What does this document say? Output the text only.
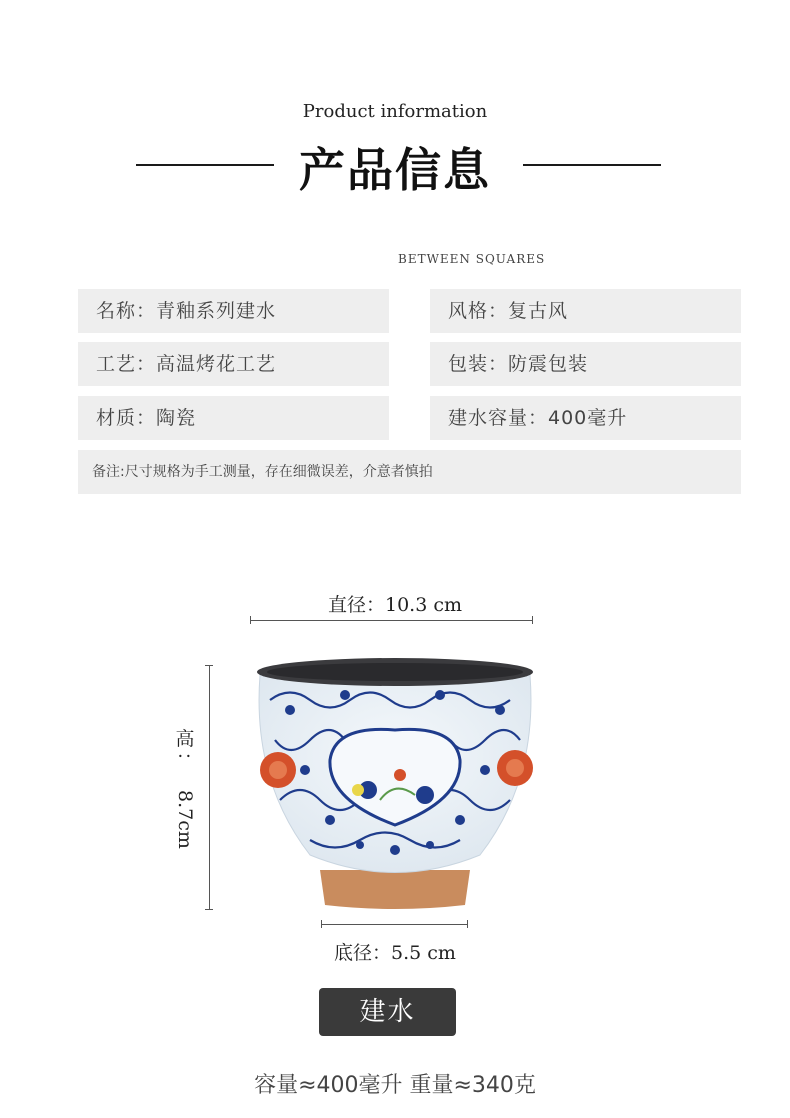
Product information
产品信息
BETWEEN SQUARES
名称：青釉系列建水	风格：复古风
工艺：高温烤花工艺	包装：防震包装
材质：陶瓷	建水容量：400毫升
备注:尺寸规格为手工测量，存在细微误差，介意者慎拍
直径：10.3 cm
高
：
8.7cm
底径：5.5 cm
建水
容量≈400毫升 重量≈340克
